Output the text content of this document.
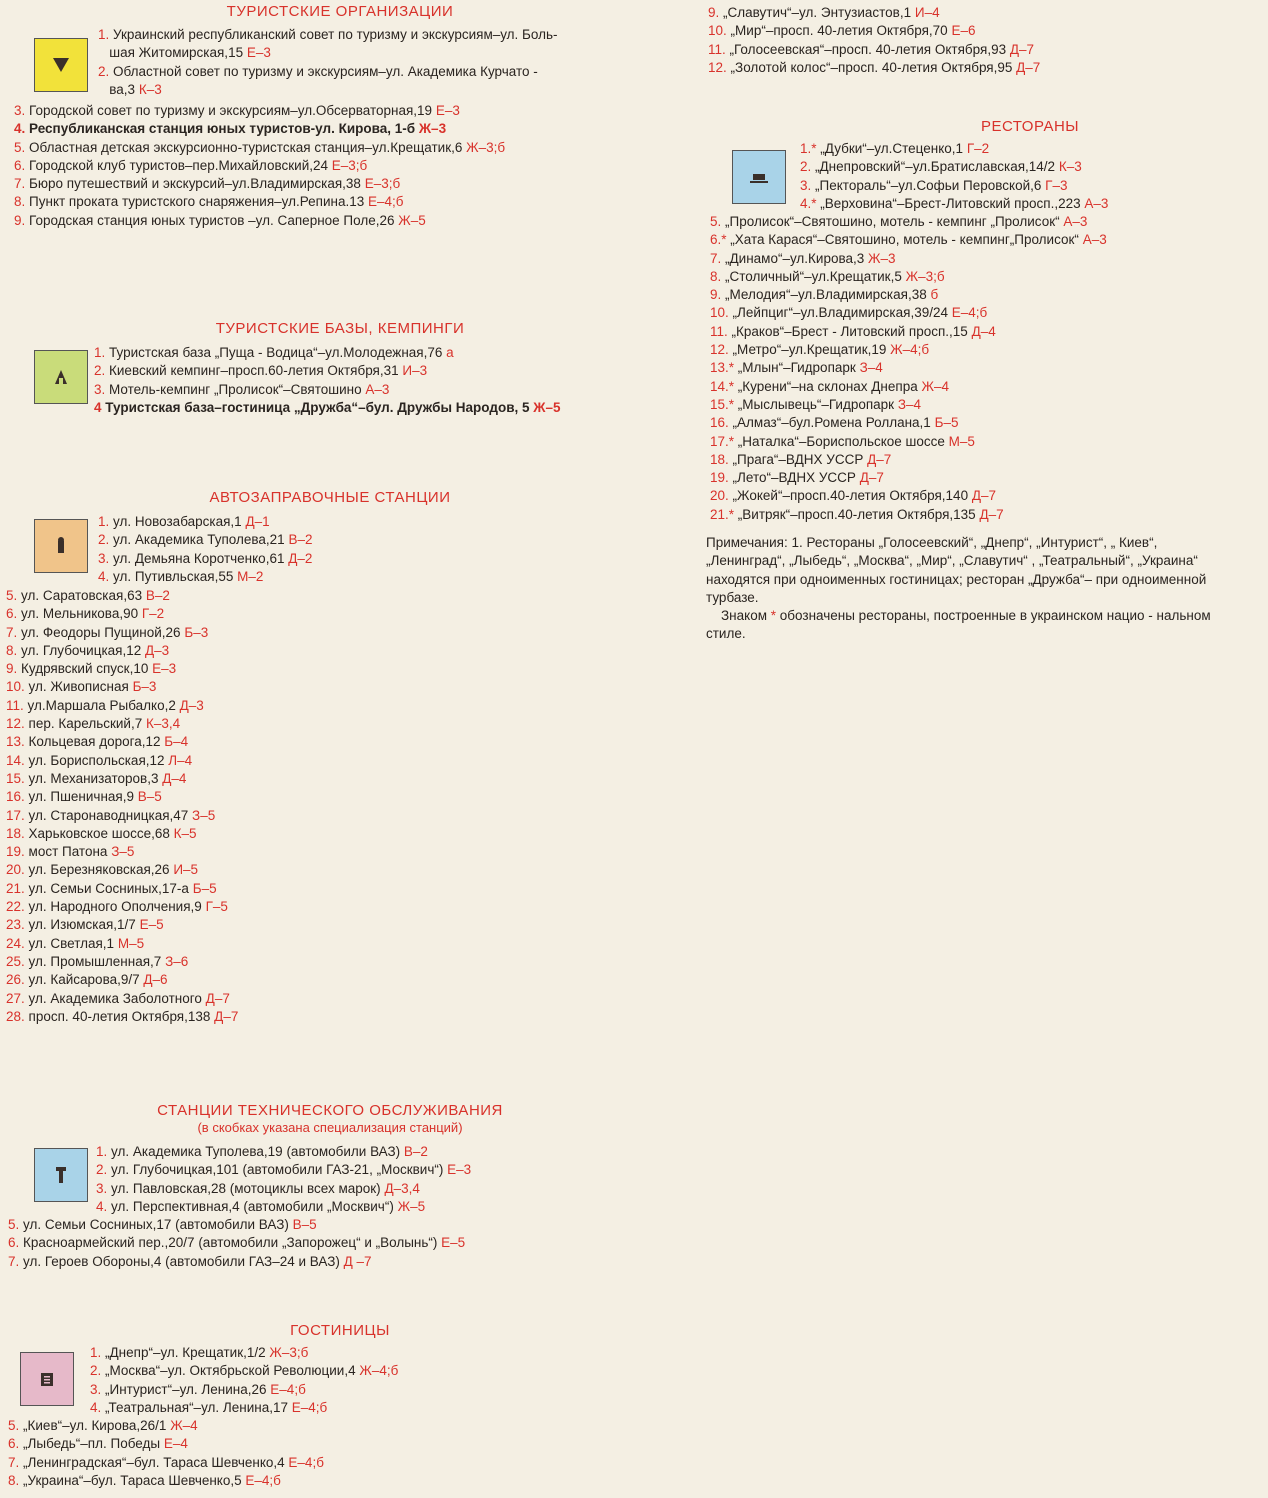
ТУРИСТСКИЕ ОРГАНИЗАЦИИ
1. Украинский республиканский совет по туризму и экскурсиям–ул. Боль-
шая Житомирская,15 Е–3
2. Областной совет по туризму и экскурсиям–ул. Академика Курчато -
ва,3 К–3
3. Городской совет по туризму и экскурсиям–ул.Обсерваторная,19 Е–3
4. Республиканская станция юных туристов-ул. Кирова, 1-б Ж–3
5. Областная детская экскурсионно-туристская станция–ул.Крещатик,6 Ж–3;б
6. Городской клуб туристов–пер.Михайловский,24 Е–3;б
7. Бюро путешествий и экскурсий–ул.Владимирская,38 Е–3;б
8. Пункт проката туристского снаряжения–ул.Репина.13 Е–4;б
9. Городская станция юных туристов –ул. Саперное Поле,26 Ж–5
ТУРИСТСКИЕ БАЗЫ, КЕМПИНГИ
1. Туристская база „Пуща - Водица“–ул.Молодежная,76 а
2. Киевский кемпинг–просп.60-летия Октября,31 И–3
3. Мотель-кемпинг „Пролисок“–Святошино А–3
4 Туристская база–гостиница „Дружба“–бул. Дружбы Народов, 5 Ж–5
АВТОЗАПРАВОЧНЫЕ СТАНЦИИ
1. ул. Новозабарская,1 Д–1
2. ул. Академика Туполева,21 В–2
3. ул. Демьяна Коротченко,61 Д–2
4. ул. Путивльская,55 М–2
5. ул. Саратовская,63 В–2
6. ул. Мельникова,90 Г–2
7. ул. Феодоры Пущиной,26 Б–3
8. ул. Глубочицкая,12 Д–3
9. Кудрявский спуск,10 Е–3
10. ул. Живописная Б–3
11. ул.Маршала Рыбалко,2 Д–3
12. пер. Карельский,7 К–3,4
13. Кольцевая дорога,12 Б–4
14. ул. Бориспольская,12 Л–4
15. ул. Механизаторов,3 Д–4
16. ул. Пшеничная,9 В–5
17. ул. Старонаводницкая,47 З–5
18. Харьковское шоссе,68 К–5
19. мост Патона З–5
20. ул. Березняковская,26 И–5
21. ул. Семьи Сосниных,17-а Б–5
22. ул. Народного Ополчения,9 Г–5
23. ул. Изюмская,1/7 Е–5
24. ул. Светлая,1 М–5
25. ул. Промышленная,7 З–6
26. ул. Кайсарова,9/7 Д–6
27. ул. Академика Заболотного Д–7
28. просп. 40-летия Октября,138 Д–7
СТАНЦИИ ТЕХНИЧЕСКОГО ОБСЛУЖИВАНИЯ
(в скобках указана специализация станций)
1. ул. Академика Туполева,19 (автомобили ВАЗ) В–2
2. ул. Глубочицкая,101 (автомобили ГАЗ-21, „Москвич“) Е–3
3. ул. Павловская,28 (мотоциклы всех марок) Д–3,4
4. ул. Перспективная,4 (автомобили „Москвич“) Ж–5
5. ул. Семьи Сосниных,17 (автомобили ВАЗ) В–5
6. Красноармейский пер.,20/7 (автомобили „Запорожец“ и „Волынь“) Е–5
7. ул. Героев Обороны,4 (автомобили ГАЗ–24 и ВАЗ) Д –7
ГОСТИНИЦЫ
1. „Днепр“–ул. Крещатик,1/2 Ж–3;б
2. „Москва“–ул. Октябрьской Революции,4 Ж–4;б
3. „Интурист“–ул. Ленина,26 Е–4;б
4. „Театральная“–ул. Ленина,17 Е–4;б
5. „Киев“–ул. Кирова,26/1 Ж–4
6. „Лыбедь“–пл. Победы Е–4
7. „Ленинградская“–бул. Тараса Шевченко,4 Е–4;б
8. „Украина“–бул. Тараса Шевченко,5 Е–4;б
9. „Славутич“–ул. Энтузиастов,1 И–4
10. „Мир“–просп. 40-летия Октября,70 Е–6
11. „Голосеевская“–просп. 40-летия Октября,93 Д–7
12. „Золотой колос“–просп. 40-летия Октября,95 Д–7
РЕСТОРАНЫ
1.* „Дубки“–ул.Стеценко,1 Г–2
2. „Днепровский“–ул.Братиславская,14/2 К–3
3. „Пектораль“–ул.Софьи Перовской,6 Г–3
4.* „Верховина“–Брест-Литовский просп.,223 А–3
5. „Пролисок“–Святошино, мотель - кемпинг „Пролисок“ А–3
6.* „Хата Карася“–Святошино, мотель - кемпинг„Пролисок“ А–3
7. „Динамо“–ул.Кирова,3 Ж–3
8. „Столичный“–ул.Крещатик,5 Ж–3;б
9. „Мелодия“–ул.Владимирская,38 б
10. „Лейпциг“–ул.Владимирская,39/24 Е–4;б
11. „Краков“–Брест - Литовский просп.,15 Д–4
12. „Метро“–ул.Крещатик,19 Ж–4;б
13.* „Млын“–Гидропарк З–4
14.* „Курени“–на склонах Днепра Ж–4
15.* „Мыслывець“–Гидропарк З–4
16. „Алмаз“–бул.Ромена Роллана,1 Б–5
17.* „Наталка“–Бориспольское шоссе М–5
18. „Прага“–ВДНХ УССР Д–7
19. „Лето“–ВДНХ УССР Д–7
20. „Жокей“–просп.40-летия Октября,140 Д–7
21.* „Витряк“–просп.40-летия Октября,135 Д–7
Примечания: 1. Рестораны „Голосеевский“, „Днепр“, „Интурист“, „ Киев“, „Ленинград“, „Лыбедь“, „Москва“, „Мир“, „Славутич“ , „Театральный“, „Украина“ находятся при одноименных гостиницах; ресторан „Дружба“– при одноименной турбазе.
Знаком * обозначены рестораны, построенные в украинском нацио - нальном стиле.
